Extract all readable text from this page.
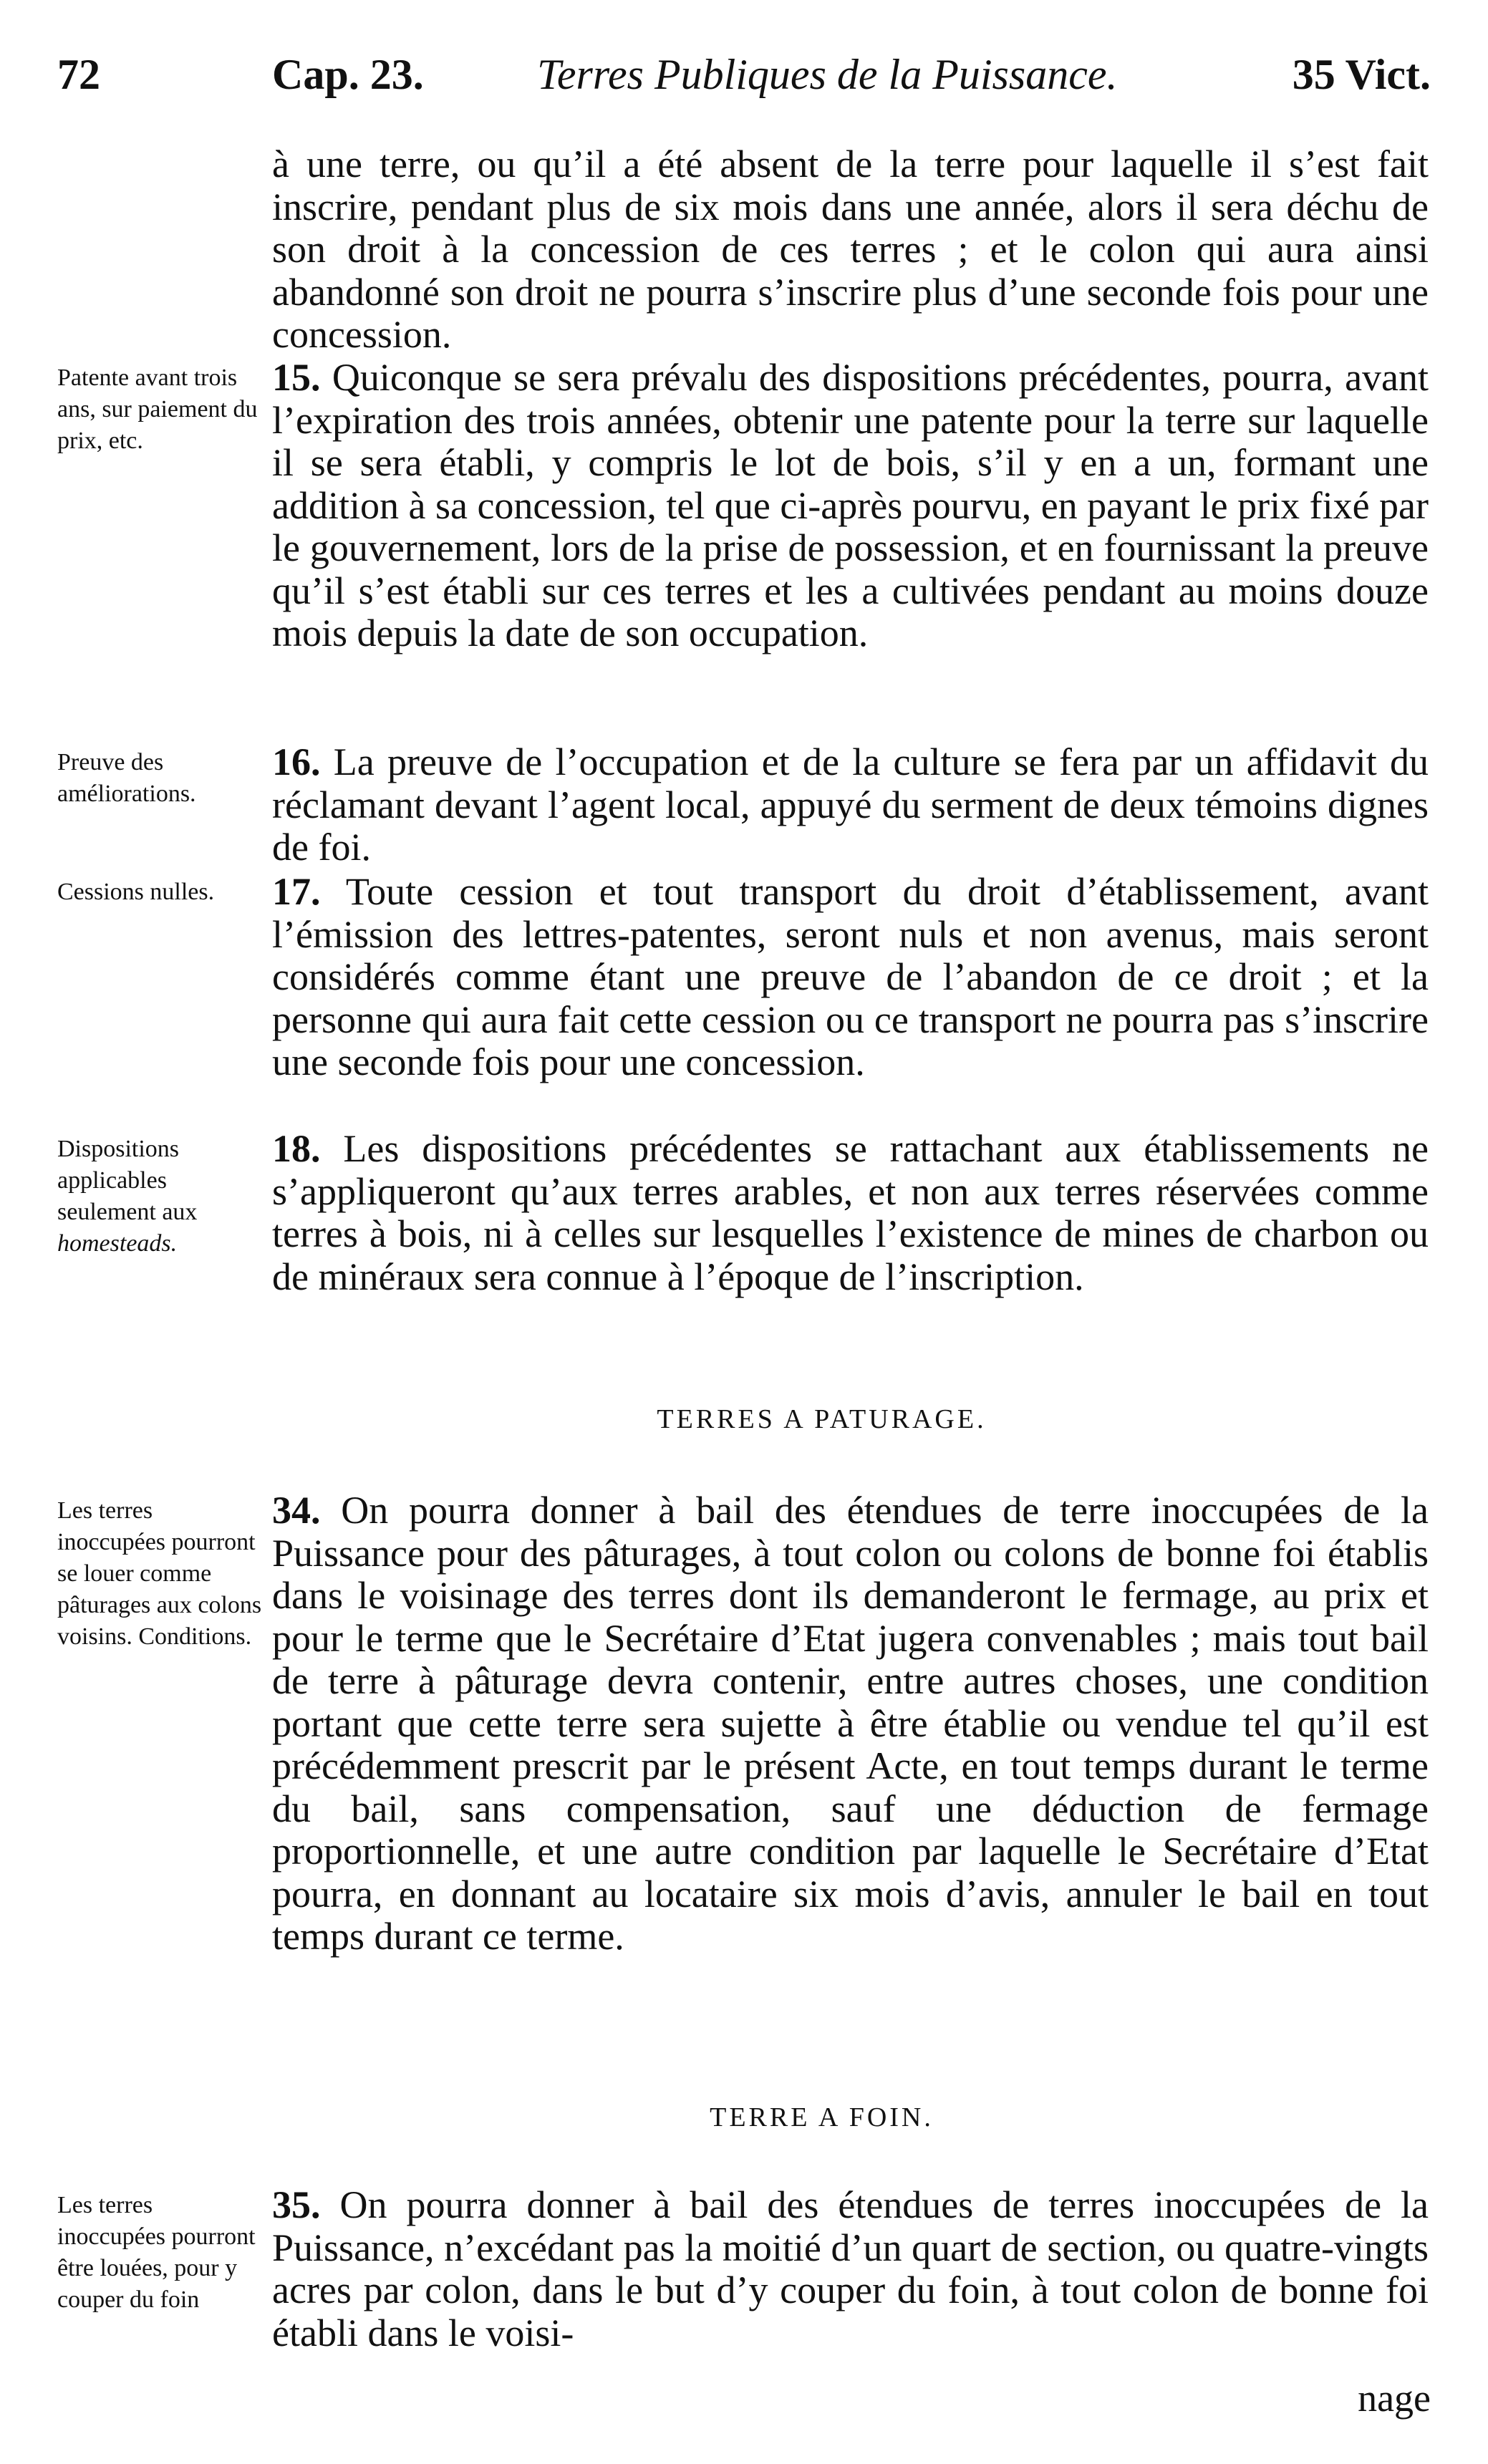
72	Cap. 23.	Terres Publiques de la Puissance.	35 Vict.
à une terre, ou qu’il a été absent de la terre pour laquelle il s’est fait inscrire, pendant plus de six mois dans une année, alors il sera déchu de son droit à la concession de ces terres ; et le colon qui aura ainsi abandonné son droit ne pourra s’inscrire plus d’une seconde fois pour une concession.
Patente avant trois ans, sur paiement du prix, etc.
15. Quiconque se sera prévalu des dispositions précédentes, pourra, avant l’expiration des trois années, obtenir une patente pour la terre sur laquelle il se sera établi, y compris le lot de bois, s’il y en a un, formant une addition à sa concession, tel que ci-après pourvu, en payant le prix fixé par le gouvernement, lors de la prise de possession, et en fournissant la preuve qu’il s’est établi sur ces terres et les a cultivées pendant au moins douze mois depuis la date de son occupation.
Preuve des améliorations.
16. La preuve de l’occupation et de la culture se fera par un affidavit du réclamant devant l’agent local, appuyé du serment de deux témoins dignes de foi.
Cessions nulles.	17. Toute cession et tout transport du droit d’établissement, avant l’émission des lettres-patentes, seront nuls et non avenus, mais seront considérés comme étant une preuve de l’abandon de ce droit ; et la personne qui aura fait cette cession ou ce transport ne pourra pas s’inscrire une seconde fois pour une concession.
Dispositions applicables seulement aux homesteads.
18. Les dispositions précédentes se rattachant aux établissements ne s’appliqueront qu’aux terres arables, et non aux terres réservées comme terres à bois, ni à celles sur lesquelles l’existence de mines de charbon ou de minéraux sera connue à l’époque de l’inscription.
TERRES A PATURAGE.
Les terres inoccupées pourront se louer comme pâturages aux colons voisins. Conditions.
34. On pourra donner à bail des étendues de terre inoccupées de la Puissance pour des pâturages, à tout colon ou colons de bonne foi établis dans le voisinage des terres dont ils demanderont le fermage, au prix et pour le terme que le Secrétaire d’Etat jugera convenables ; mais tout bail de terre à pâturage devra contenir, entre autres choses, une condition portant que cette terre sera sujette à être établie ou vendue tel qu’il est précédemment prescrit par le présent Acte, en tout temps durant le terme du bail, sans compensation, sauf une déduction de fermage proportionnelle, et une autre condition par laquelle le Secrétaire d’Etat pourra, en donnant au locataire six mois d’avis, annuler le bail en tout temps durant ce terme.
TERRE A FOIN.
Les terres inoccupées pourront être louées, pour y couper du foin
35. On pourra donner à bail des étendues de terres inoccupées de la Puissance, n’excédant pas la moitié d’un quart de section, ou quatre-vingts acres par colon, dans le but d’y couper du foin, à tout colon de bonne foi établi dans le voisi-
nage
